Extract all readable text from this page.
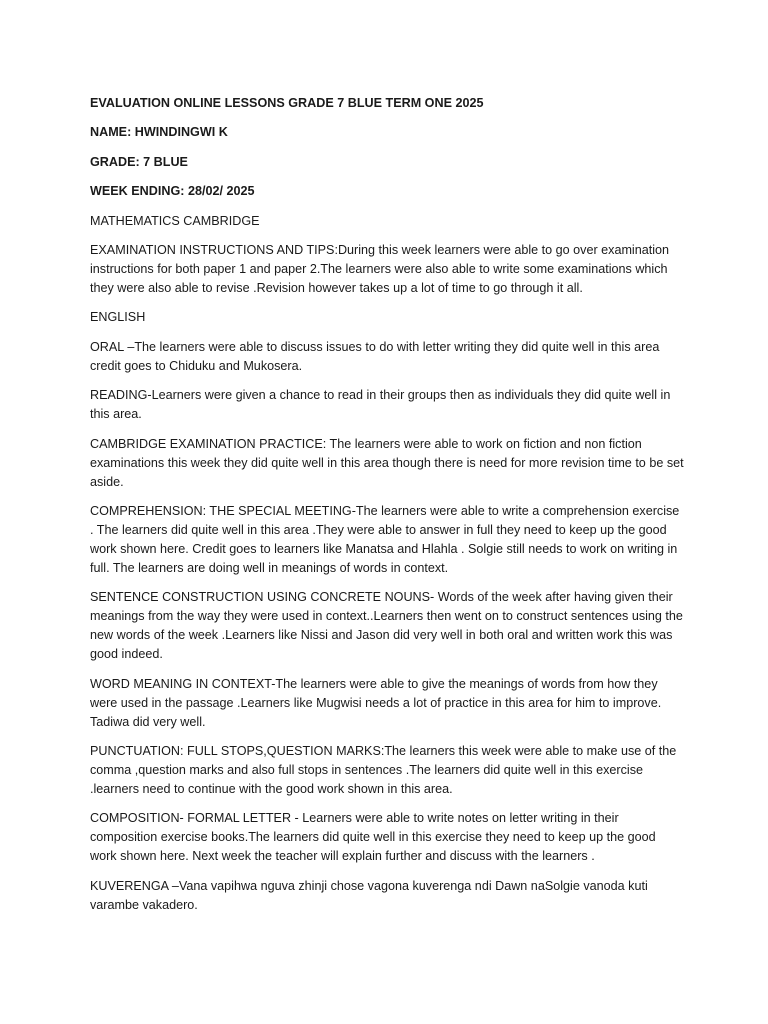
EVALUATION ONLINE LESSONS GRADE 7 BLUE TERM ONE 2025

NAME: HWINDINGWI K

GRADE: 7 BLUE

WEEK ENDING: 28/02/ 2025

MATHEMATICS CAMBRIDGE

EXAMINATION INSTRUCTIONS AND TIPS:During this week learners were able to go over examination instructions for both paper 1 and paper 2.The learners were also able to write some examinations which they were also able to revise .Revision however takes up a lot of time to go through it all.

ENGLISH

ORAL –The learners were able to discuss issues to do with letter writing they did quite well in this area credit goes to Chiduku and Mukosera.

READING-Learners were given a chance to read in their groups then as individuals they did quite well in this area.

CAMBRIDGE EXAMINATION PRACTICE: The learners were able to work on fiction and non fiction examinations this week they did quite well in this area though there is need for more revision time to be set aside.

COMPREHENSION: THE SPECIAL MEETING-The learners were able to write a comprehension exercise . The learners did quite well in this area .They were able to answer in full they need to keep up the good work shown here. Credit goes to learners like Manatsa and Hlahla . Solgie still needs to work on writing in full. The learners are doing well in meanings of words in context.

SENTENCE CONSTRUCTION USING CONCRETE NOUNS- Words of the week after having given their meanings from the way they were used in context..Learners then went on to construct sentences using the new words of the week .Learners like Nissi and Jason did very well in both oral and written work this was good indeed.

WORD MEANING IN CONTEXT-The learners were able to give the meanings of words from how they were used in the passage .Learners like Mugwisi needs a lot of practice in this area for him to improve. Tadiwa did very well.

PUNCTUATION: FULL STOPS,QUESTION MARKS:The learners this week were able to make use of the comma ,question marks and also full stops in sentences .The learners did quite well in this exercise .learners need to continue with the good work shown in this area.

COMPOSITION- FORMAL LETTER - Learners were able to write notes on letter writing in their composition exercise books.The learners did quite well in this exercise they need to keep up the good work shown here. Next week the teacher will explain further and discuss with the learners .

KUVERENGA –Vana vapihwa nguva zhinji chose vagona kuverenga ndi Dawn naSolgie vanoda kuti varambe vakadero.
